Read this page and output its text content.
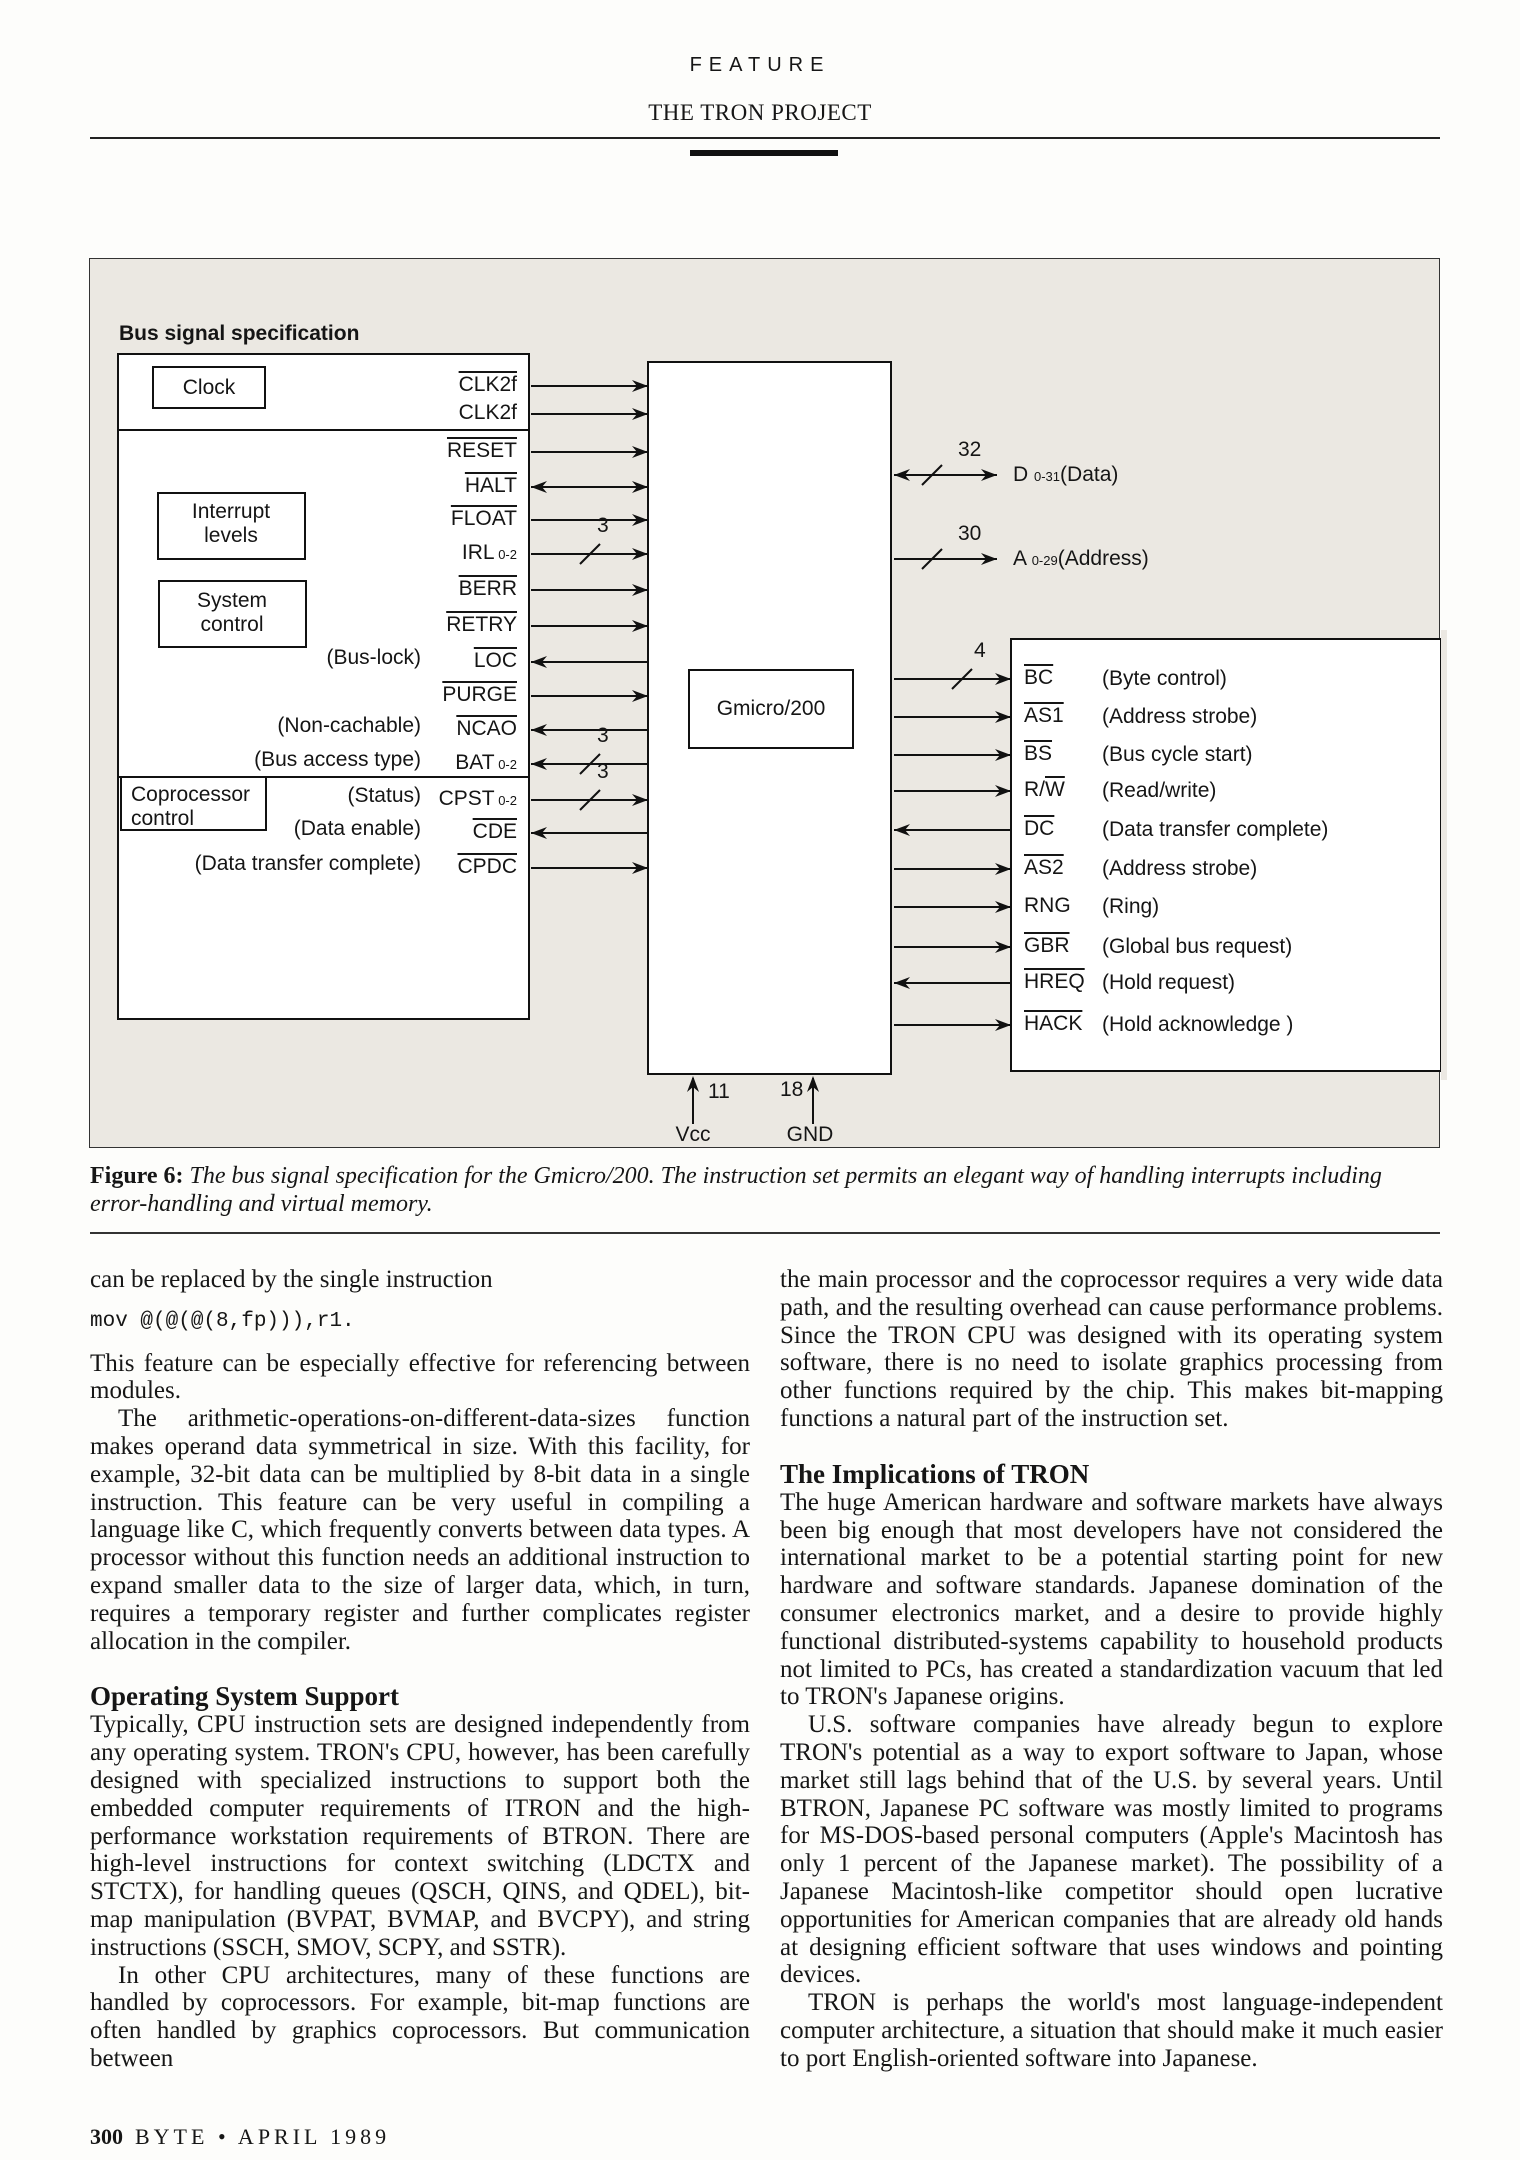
FEATURE
THE TRON PROJECT
Bus signal specification
Clock
Interrupt
levels
System
control
Coprocessor
control
Gmicro/200
CLK2f
CLK2f
RESET
HALT
FLOAT
IRL 0-2
3
BERR
RETRY
$\overline{LOC}$
(Bus-lock)
PURGE
NCAO
(Non-cachable)
BAT 0-2
(Bus access type)
3
CPST 0-2
(Status)
3
$\overline{CDE}$
(Data enable)
CPDC
(Data transfer complete)
32
D 0-31(Data)
30
A 0-29(Address)
$\overline{BC}$ (Byte control)
4
AS1 (Address strobe)
$\overline{BS}$ (Bus cycle start)
$R/\overline{W}$ (Read/write)
$\overline{DC}$ (Data transfer complete)
AS2 (Address strobe)
RNG (Ring)
$\overline{GBR}$ (Global bus request)
HREQ (Hold request)
HACK (Hold acknowledge )
11 18
Vcc	GND
Figure 6: The bus signal specification for the Gmicro/200. The instruction set permits an elegant way of handling interrupts including error-handling and virtual memory.

can be replaced by the single instruction

mov @(@(@(8,fp))),r1.

This feature can be especially effective for referencing between modules.

The arithmetic-operations-on-different-data-sizes function makes operand data symmetrical in size. With this facility, for example, 32-bit data can be multiplied by 8-bit data in a single instruction. This feature can be very useful in compiling a language like C, which frequently converts between data types. A processor without this function needs an additional instruction to expand smaller data to the size of larger data, which, in turn, requires a temporary register and further complicates register allocation in the compiler.

Operating System Support

Typically, CPU instruction sets are designed independently from any operating system. TRON's CPU, however, has been carefully designed with specialized instructions to support both the embedded computer requirements of ITRON and the high-performance workstation requirements of BTRON. There are high-level instructions for context switching (LDCTX and STCTX), for handling queues (QSCH, QINS, and QDEL), bit-map manipulation (BVPAT, BVMAP, and BVCPY), and string instructions (SSCH, SMOV, SCPY, and SSTR).

In other CPU architectures, many of these functions are handled by coprocessors. For example, bit-map functions are often handled by graphics coprocessors. But communication between

the main processor and the coprocessor requires a very wide data path, and the resulting overhead can cause performance problems. Since the TRON CPU was designed with its operating system software, there is no need to isolate graphics processing from other functions required by the chip. This makes bit-mapping functions a natural part of the instruction set.

The Implications of TRON

The huge American hardware and software markets have always been big enough that most developers have not considered the international market to be a potential starting point for new hardware and software standards. Japanese domination of the consumer electronics market, and a desire to provide highly functional distributed-systems capability to household products not limited to PCs, has created a standardization vacuum that led to TRON's Japanese origins.

U.S. software companies have already begun to explore TRON's potential as a way to export software to Japan, whose market still lags behind that of the U.S. by several years. Until BTRON, Japanese PC software was mostly limited to programs for MS-DOS-based personal computers (Apple's Macintosh has only 1 percent of the Japanese market). The possibility of a Japanese Macintosh-like competitor should open lucrative opportunities for American companies that are already old hands at designing efficient software that uses windows and pointing devices.

TRON is perhaps the world's most language-independent computer architecture, a situation that should make it much easier to port English-oriented software into Japanese.

300 BYTE • APRIL 1989
